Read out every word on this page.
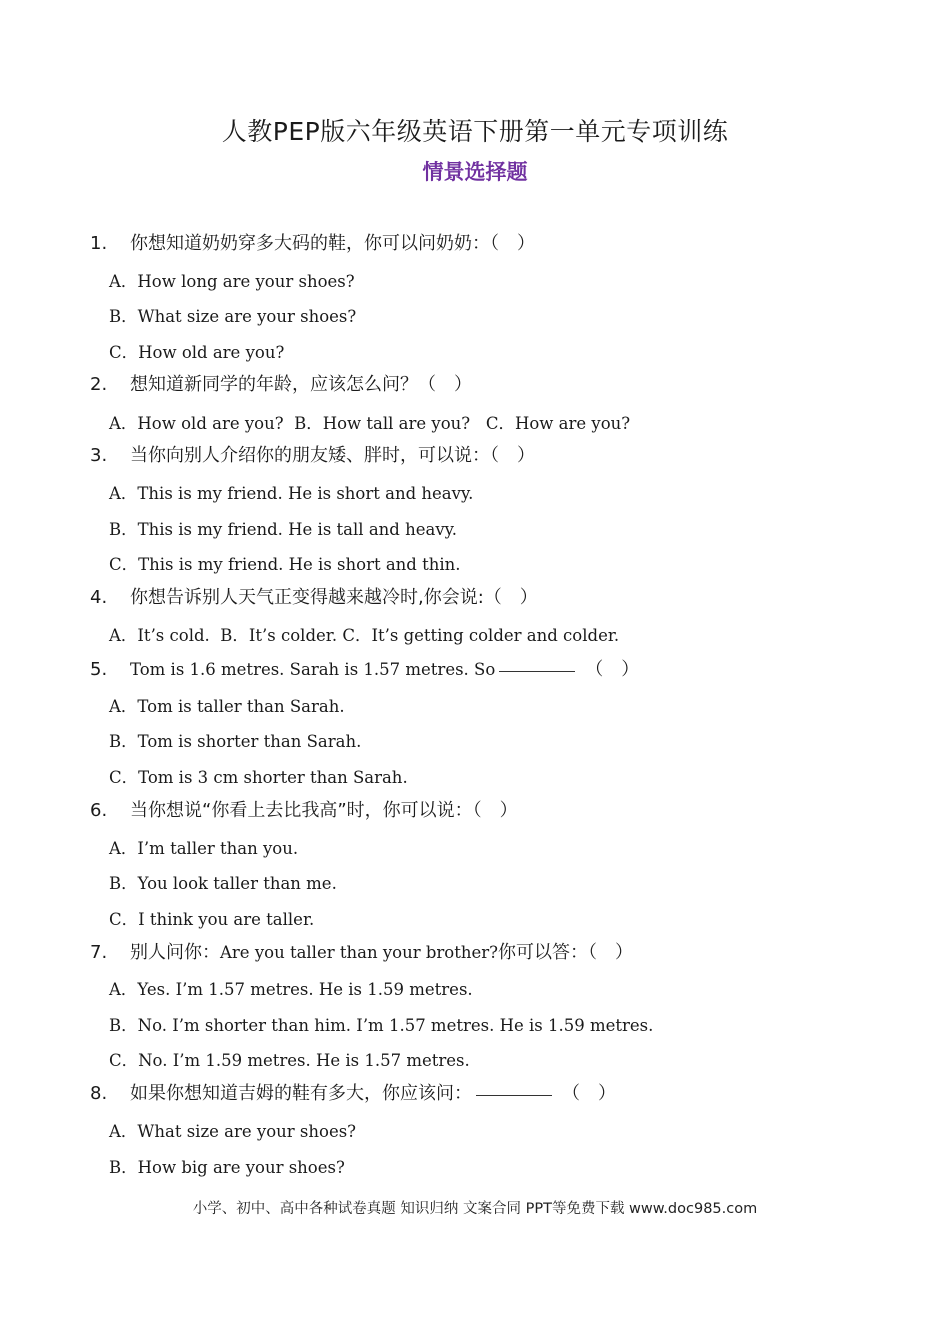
人教PEP版六年级英语下册第一单元专项训练
情景选择题
1. 你想知道奶奶穿多大码的鞋，你可以问奶奶：（　）
A．How long are your shoes?
B．What size are your shoes?
C．How old are you?
2. 想知道新同学的年龄，应该怎么问？（　）
A．How old are you?  B．How tall are you?   C．How are you?
3. 当你向别人介绍你的朋友矮、胖时，可以说：（　）
A．This is my friend. He is short and heavy.
B．This is my friend. He is tall and heavy.
C．This is my friend. He is short and thin.
4. 你想告诉别人天气正变得越来越冷时,你会说:（　）
A．It’s cold.  B．It’s colder. C．It’s getting colder and colder.
5. Tom is 1.6 metres. Sarah is 1.57 metres. So	（　）
A．Tom is taller than Sarah.
B．Tom is shorter than Sarah.
C．Tom is 3 cm shorter than Sarah.
6. 当你想说“你看上去比我高”时，你可以说：（　）
A．I’m taller than you.
B．You look taller than me.
C．I think you are taller.
7. 别人问你：Are you taller than your brother?你可以答：（　）
A．Yes. I’m 1.57 metres. He is 1.59 metres.
B．No. I’m shorter than him. I’m 1.57 metres. He is 1.59 metres.
C．No. I’m 1.59 metres. He is 1.57 metres.
8. 如果你想知道吉姆的鞋有多大，你应该问：	（　）
A．What size are your shoes?
B．How big are your shoes?
小学、初中、高中各种试卷真题 知识归纳 文案合同 PPT等免费下载 www.doc985.com
